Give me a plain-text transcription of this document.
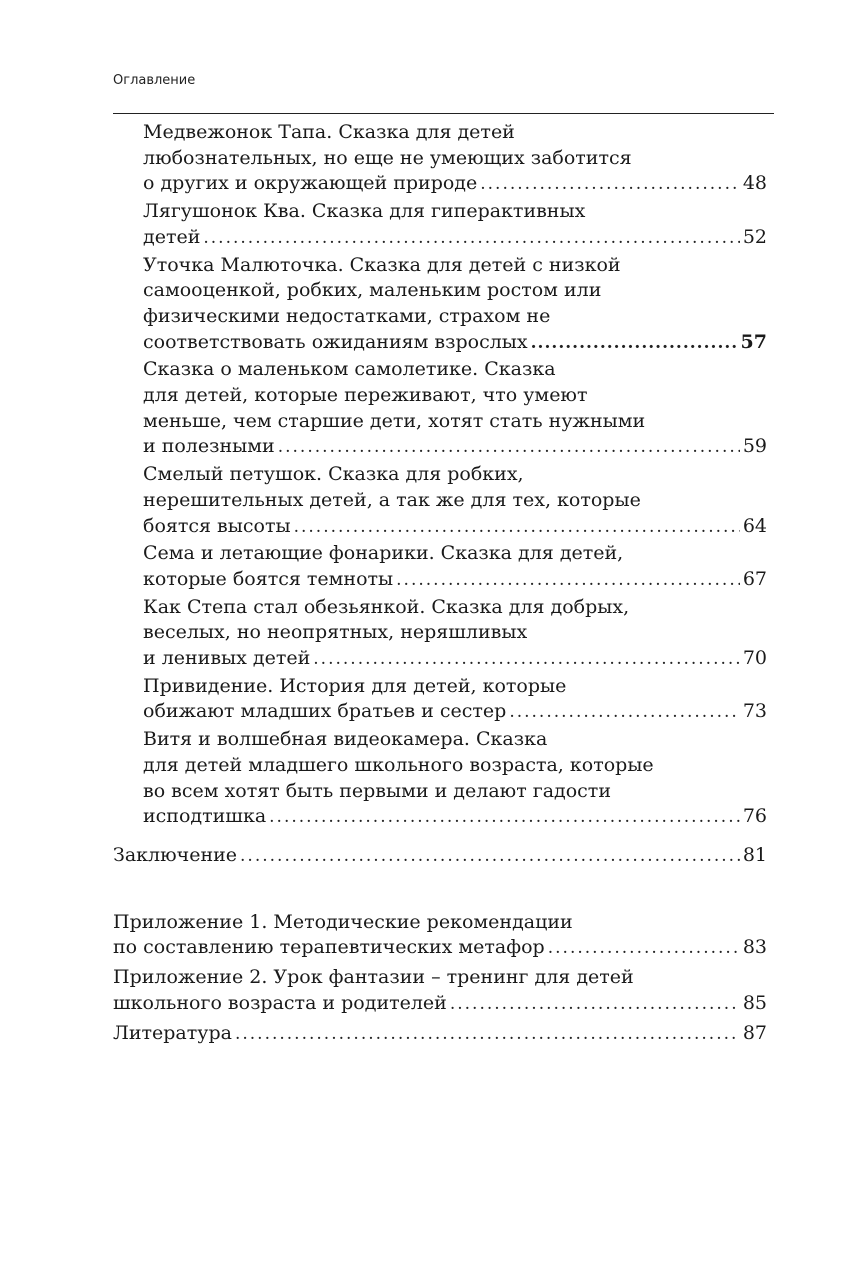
Оглавление
Медвежонок Тапа. Сказка для детей
любознательных, но еще не умеющих заботится
о других и окружающей природе .....	48
Лягушонок Ква. Сказка для гиперактивных
детей .....	52
Уточка Малюточка. Сказка для детей с низкой
самооценкой, робких, маленьким ростом или
физическими недостатками, страхом не
соответствовать ожиданиям взрослых .....	57
Сказка о маленьком самолетике. Сказка
для детей, которые переживают, что умеют
меньше, чем старшие дети, хотят стать нужными
и полезными .....	59
Смелый петушок. Сказка для робких,
нерешительных детей, а так же для тех, которые
боятся высоты .....	64
Сема и летающие фонарики. Сказка для детей,
которые боятся темноты .....	67
Как Степа стал обезьянкой. Сказка для добрых,
веселых, но неопрятных, неряшливых
и ленивых детей .....	70
Привидение. История для детей, которые
обижают младших братьев и сестер .....	73
Витя и волшебная видеокамера. Сказка
для детей младшего школьного возраста, которые
во всем хотят быть первыми и делают гадости
исподтишка .....	76
Заключение .....	81
Приложение 1. Методические рекомендации
по составлению терапевтических метафор .....	83
Приложение 2. Урок фантазии – тренинг для детей
школьного возраста и родителей .....	85
Литература .....	87
